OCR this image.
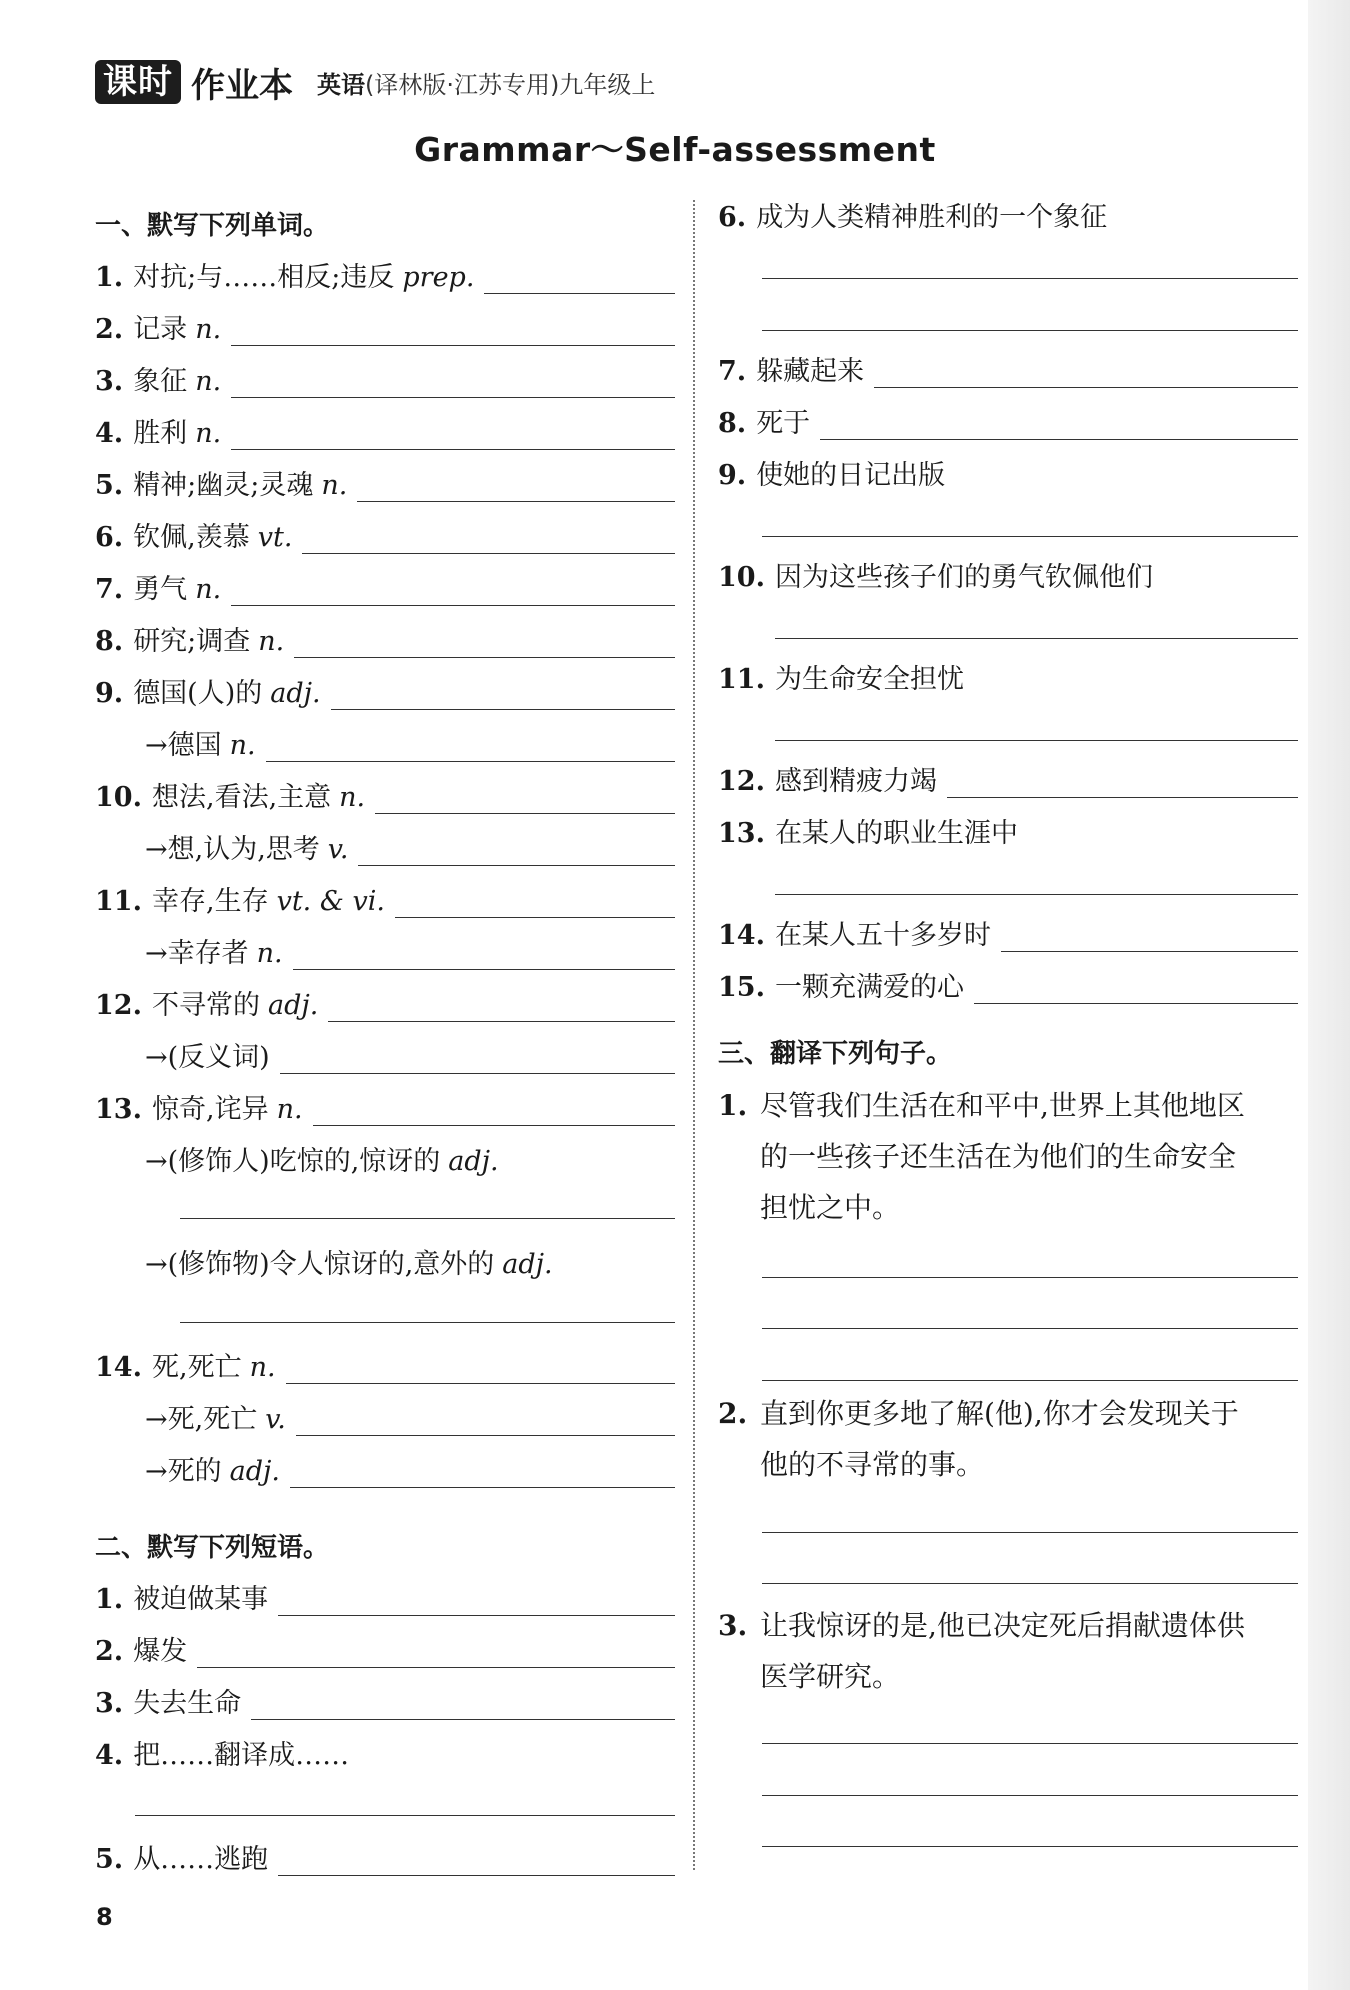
课时 作业本 英语 (译林版·江苏专用)九年级上
Grammar～Self-assessment
一、默写下列单词。
1. 对抗;与……相反;违反 prep.
2. 记录 n.
3. 象征 n.
4. 胜利 n.
5. 精神;幽灵;灵魂 n.
6. 钦佩,羡慕 vt.
7. 勇气 n.
8. 研究;调查 n.
9. 德国(人)的 adj.
→德国 n.
10. 想法,看法,主意 n.
→想,认为,思考 v.
11. 幸存,生存 vt. & vi.
→幸存者 n.
12. 不寻常的 adj.
→(反义词)
13. 惊奇,诧异 n.
→(修饰人)吃惊的,惊讶的 adj.
→(修饰物)令人惊讶的,意外的 adj.
14. 死,死亡 n.
→死,死亡 v.
→死的 adj.
二、默写下列短语。
1. 被迫做某事
2. 爆发
3. 失去生命
4. 把……翻译成……
5. 从……逃跑
6. 成为人类精神胜利的一个象征
7. 躲藏起来
8. 死于
9. 使她的日记出版
10. 因为这些孩子们的勇气钦佩他们
11. 为生命安全担忧
12. 感到精疲力竭
13. 在某人的职业生涯中
14. 在某人五十多岁时
15. 一颗充满爱的心
三、翻译下列句子。
1. 尽管我们生活在和平中,世界上其他地区
的一些孩子还生活在为他们的生命安全
担忧之中。
2. 直到你更多地了解(他),你才会发现关于
他的不寻常的事。
3. 让我惊讶的是,他已决定死后捐献遗体供
医学研究。
8
